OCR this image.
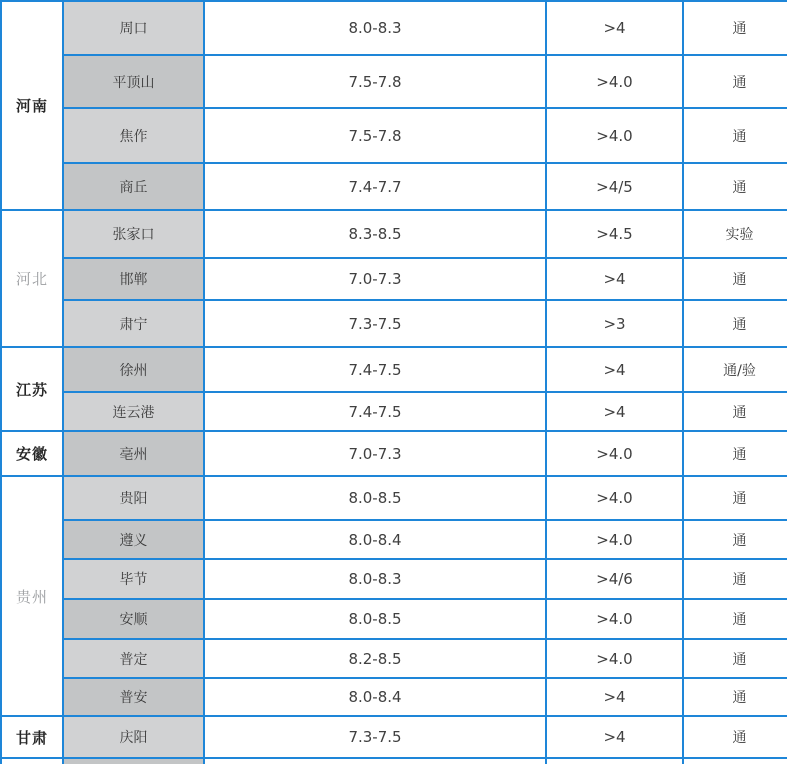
河南	周口	8.0-8.3	>4	通
	平顶山	7.5-7.8	>4.0	通
	焦作	7.5-7.8	>4.0	通
	商丘	7.4-7.7	>4/5	通
河北	张家口	8.3-8.5	>4.5	实验
	邯郸	7.0-7.3	>4	通
	肃宁	7.3-7.5	>3	通
江苏	徐州	7.4-7.5	>4	通/验
	连云港	7.4-7.5	>4	通
安徽	亳州	7.0-7.3	>4.0	通
贵州	贵阳	8.0-8.5	>4.0	通
	遵义	8.0-8.4	>4.0	通
	毕节	8.0-8.3	>4/6	通
	安顺	8.0-8.5	>4.0	通
	普定	8.2-8.5	>4.0	通
	普安	8.0-8.4	>4	通
甘肃	庆阳	7.3-7.5	>4	通
